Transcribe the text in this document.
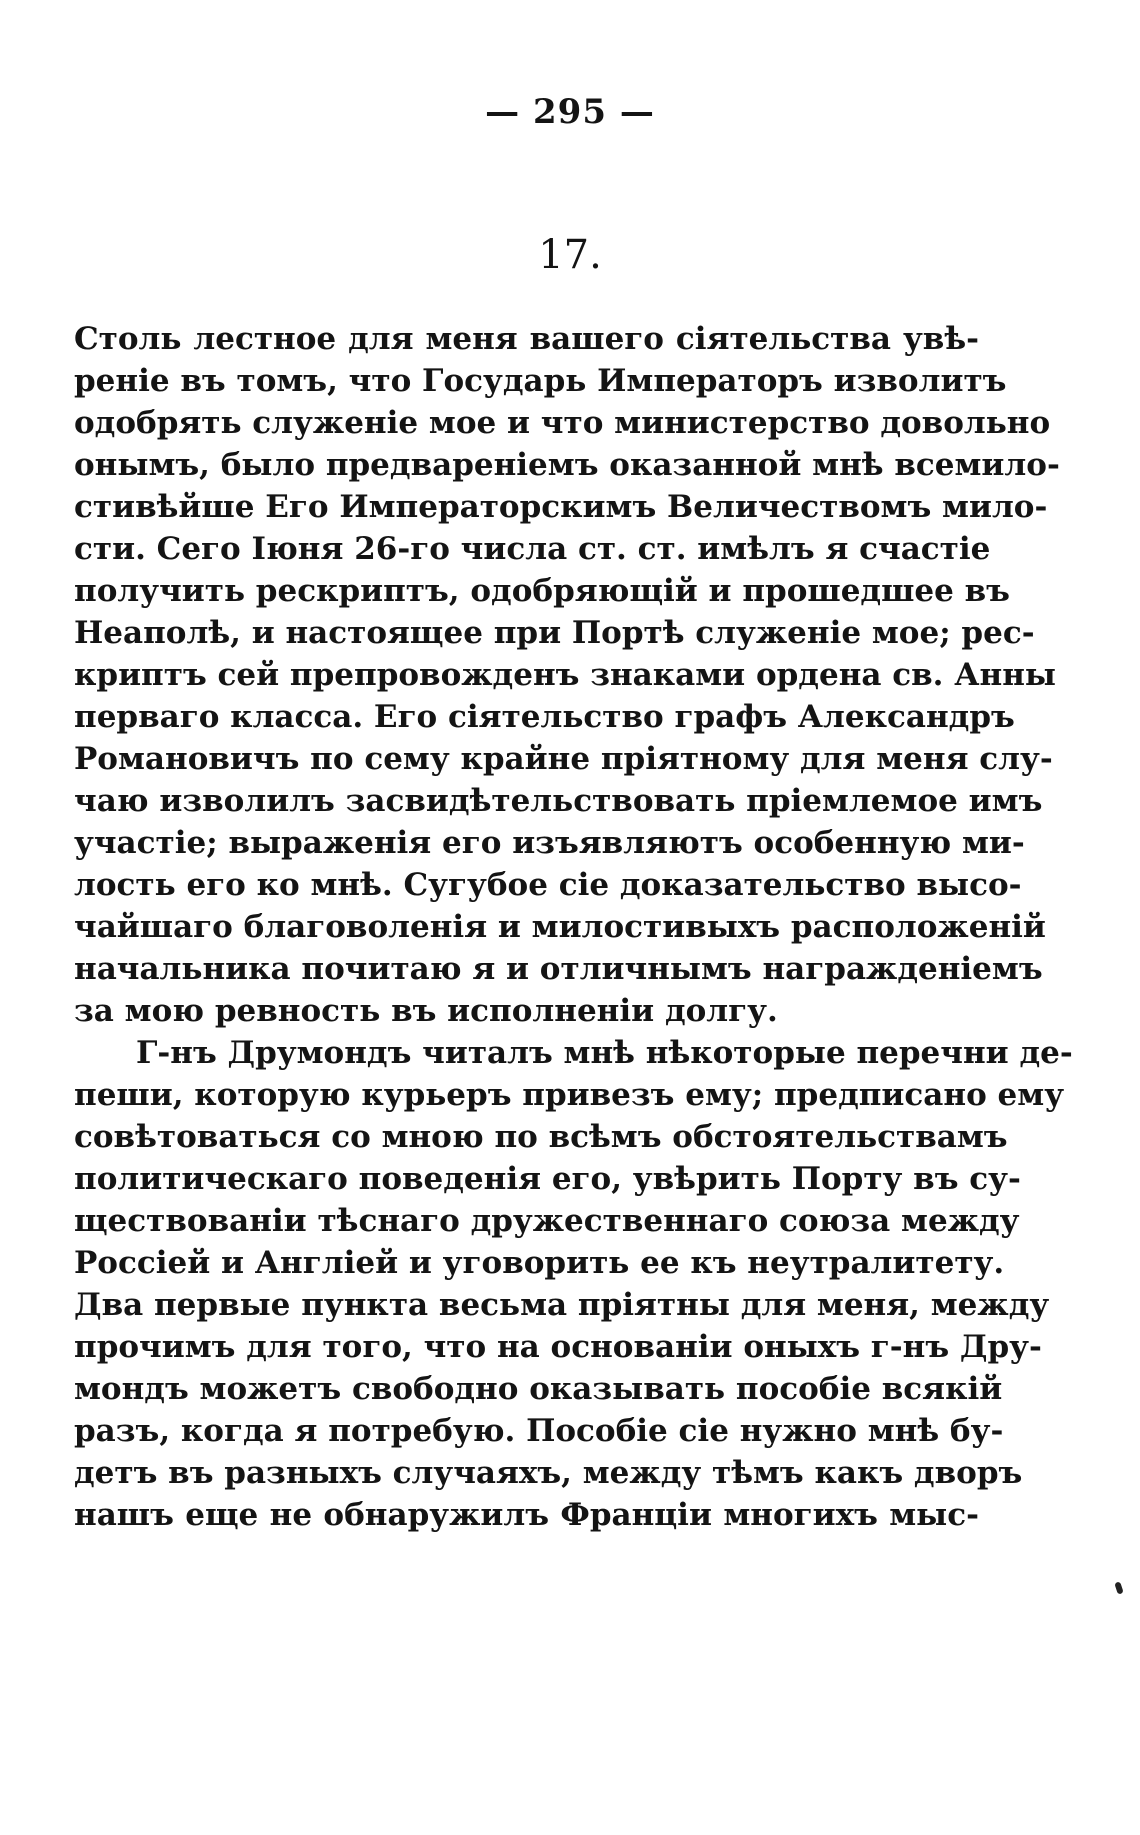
— 295 —
17.
Столь лестное для меня вашего сіятельства увѣ-
реніе въ томъ, что Государь Императоръ изволитъ
одобрять служеніе мое и что министерство довольно
онымъ, было предвареніемъ оказанной мнѣ всемило-
стивѣйше Его Императорскимъ Величествомъ мило-
сти. Сего Іюня 26-го числа ст. ст. имѣлъ я счастіе
получить рескриптъ, одобряющій и прошедшее въ
Неаполѣ, и настоящее при Портѣ служеніе мое; рес-
криптъ сей препровожденъ знаками ордена св. Анны
перваго класса. Его сіятельство графъ Александръ
Романовичъ по сему крайне пріятному для меня слу-
чаю изволилъ засвидѣтельствовать пріемлемое имъ
участіе; выраженія его изъявляютъ особенную ми-
лость его ко мнѣ. Сугубое сіе доказательство высо-
чайшаго благоволенія и милостивыхъ расположеній
начальника почитаю я и отличнымъ награжденіемъ
за мою ревность въ исполненіи долгу.
Г-нъ Друмондъ читалъ мнѣ нѣкоторые перечни де-
пеши, которую курьеръ привезъ ему; предписано ему
совѣтоваться со мною по всѣмъ обстоятельствамъ
политическаго поведенія его, увѣрить Порту въ су-
ществованіи тѣснаго дружественнаго союза между
Россіей и Англіей и уговорить ее къ неутралитету.
Два первые пункта весьма пріятны для меня, между
прочимъ для того, что на основаніи оныхъ г-нъ Дру-
мондъ можетъ свободно оказывать пособіе всякій
разъ, когда я потребую. Пособіе сіе нужно мнѣ бу-
детъ въ разныхъ случаяхъ, между тѣмъ какъ дворъ
нашъ еще не обнаружилъ Франціи многихъ мыс-
